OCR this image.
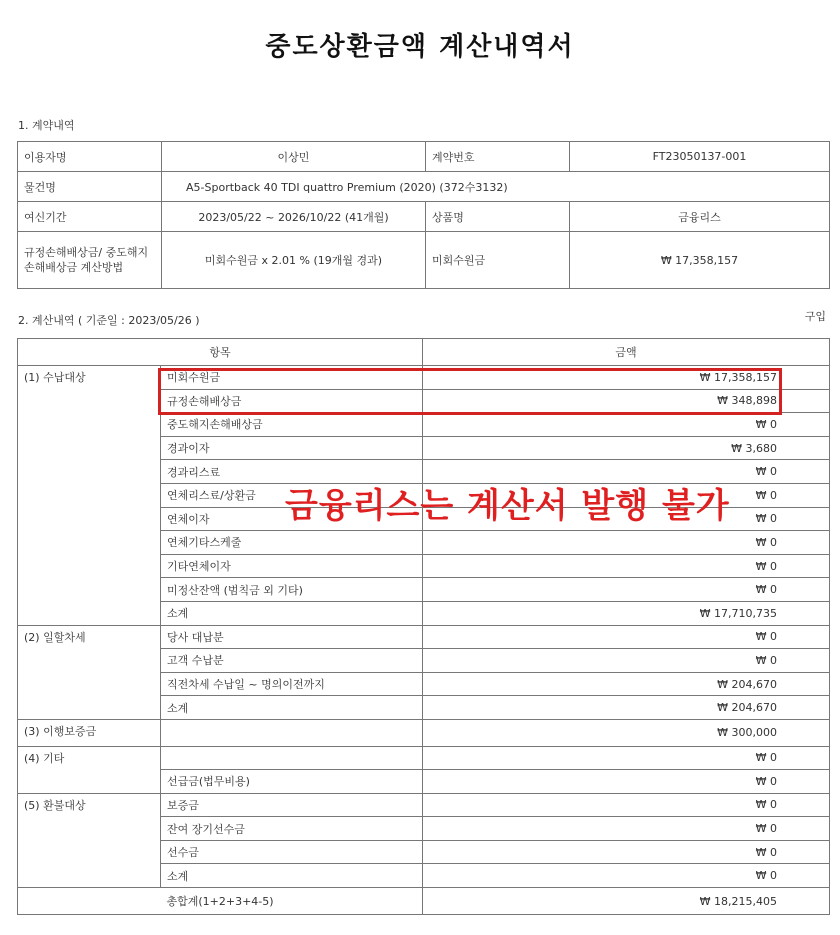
중도상환금액 계산내역서
1. 계약내역
이용자명	이상민	계약번호	FT23050137-001
물건명	A5-Sportback 40 TDI quattro Premium (2020) (372수3132)		
여신기간	2023/05/22 ~ 2026/10/22 (41개월)	상품명	금융리스
규정손해배상금/ 중도해지손해배상금 계산방법	미회수원금 x 2.01 % (19개월 경과)	미회수원금	₩ 17,358,157
2. 계산내역 ( 기준일 : 2023/05/26 )	구입
항목		금액
(1) 수납대상	미회수원금	₩ 17,358,157
	규정손해배상금	₩ 348,898
	중도해지손해배상금	₩ 0
	경과이자	₩ 3,680
	경과리스료	₩ 0
	연체리스료/상환금	₩ 0
	연체이자	₩ 0
	연체기타스케줄	₩ 0
	기타연체이자	₩ 0
	미정산잔액 (범칙금 외 기타)	₩ 0
	소계	₩ 17,710,735
(2) 일할차세	당사 대납분	₩ 0
	고객 수납분	₩ 0
	직전차세 수납일 ~ 명의이전까지	₩ 204,670
	소계	₩ 204,670
(3) 이행보증금		₩ 300,000
(4) 기타		₩ 0
	선급금(법무비용)	₩ 0
(5) 환불대상	보증금	₩ 0
	잔여 장기선수금	₩ 0
	선수금	₩ 0
	소계	₩ 0
총합계(1+2+3+4-5)		₩ 18,215,405
금융리스는 계산서 발행 불가
